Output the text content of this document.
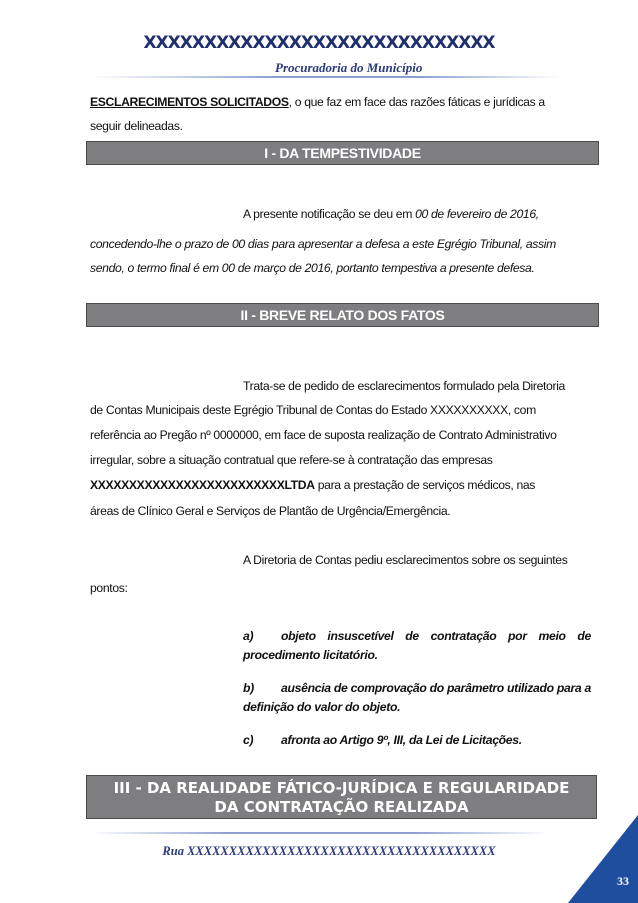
XXXXXXXXXXXXXXXXXXXXXXXXXXXXX
Procuradoria do Município
ESCLARECIMENTOS SOLICITADOS, o que faz em face das razões fáticas e jurídicas a
seguir delineadas.
I - DA TEMPESTIVIDADE
A presente notificação se deu em 00 de fevereiro de 2016,
concedendo-lhe o prazo de 00 dias para apresentar a defesa a este Egrégio Tribunal, assim
sendo, o termo final é em 00 de março de 2016, portanto tempestiva a presente defesa.
II - BREVE RELATO DOS FATOS
Trata-se de pedido de esclarecimentos formulado pela Diretoria
de Contas Municipais deste Egrégio Tribunal de Contas do Estado XXXXXXXXXX, com
referência ao Pregão nº 0000000, em face de suposta realização de Contrato Administrativo
irregular, sobre a situação contratual que refere-se à contratação das empresas
XXXXXXXXXXXXXXXXXXXXXXXXXLTDA para a prestação de serviços médicos, nas
áreas de Clínico Geral e Serviços de Plantão de Urgência/Emergência.
A Diretoria de Contas pediu esclarecimentos sobre os seguintes
pontos:
a) objeto insuscetível de contratação por meio de procedimento licitatório.
b) ausência de comprovação do parâmetro utilizado para a definição do valor do objeto.
c) afronta ao Artigo 9º, III, da Lei de Licitações.
III - DA REALIDADE FÁTICO-JURÍDICA E REGULARIDADE
DA CONTRATAÇÃO REALIZADA
Rua XXXXXXXXXXXXXXXXXXXXXXXXXXXXXXXXXXXXX
33
